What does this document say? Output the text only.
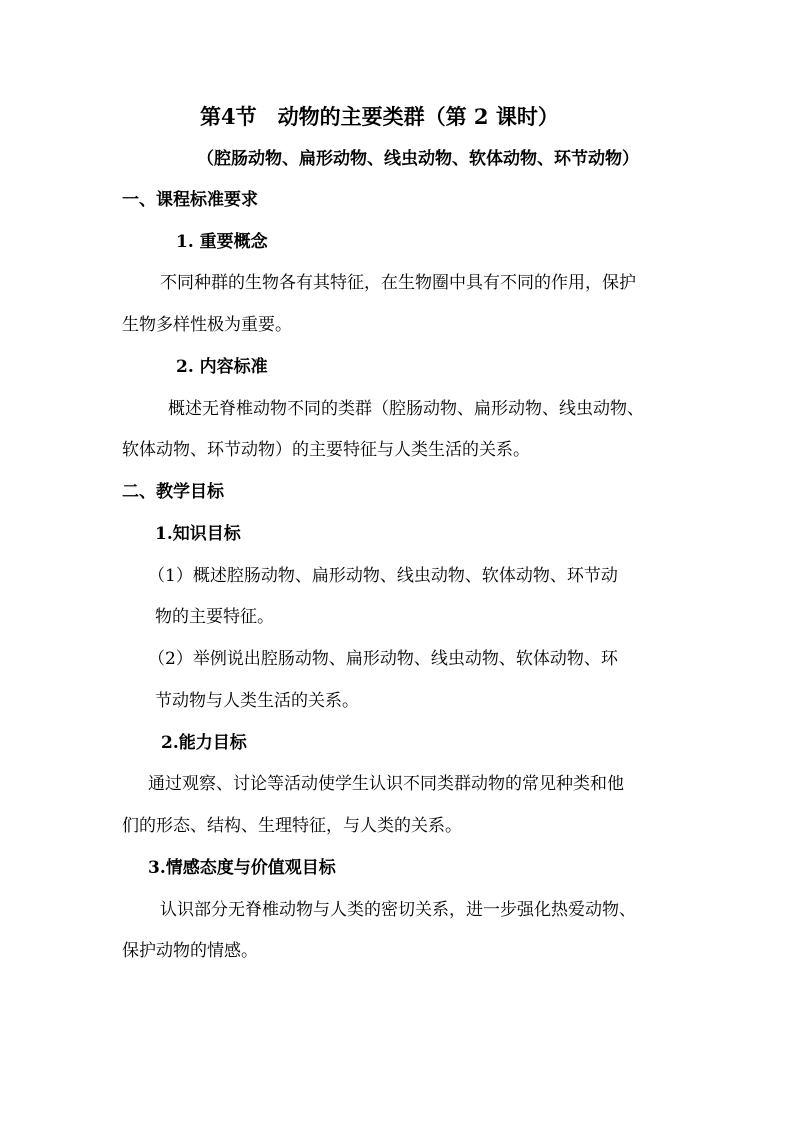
第4节　动物的主要类群（第 2 课时）
（腔肠动物、扁形动物、线虫动物、软体动物、环节动物）
一、课程标准要求
1. 重要概念
不同种群的生物各有其特征，在生物圈中具有不同的作用，保护
生物多样性极为重要。
2. 内容标准
概述无脊椎动物不同的类群（腔肠动物、扁形动物、线虫动物、
软体动物、环节动物）的主要特征与人类生活的关系。
二、教学目标
1.知识目标
（1）概述腔肠动物、扁形动物、线虫动物、软体动物、环节动
物的主要特征。
（2）举例说出腔肠动物、扁形动物、线虫动物、软体动物、环
节动物与人类生活的关系。
2.能力目标
通过观察、讨论等活动使学生认识不同类群动物的常见种类和他
们的形态、结构、生理特征，与人类的关系。
3.情感态度与价值观目标
认识部分无脊椎动物与人类的密切关系，进一步强化热爱动物、
保护动物的情感。
